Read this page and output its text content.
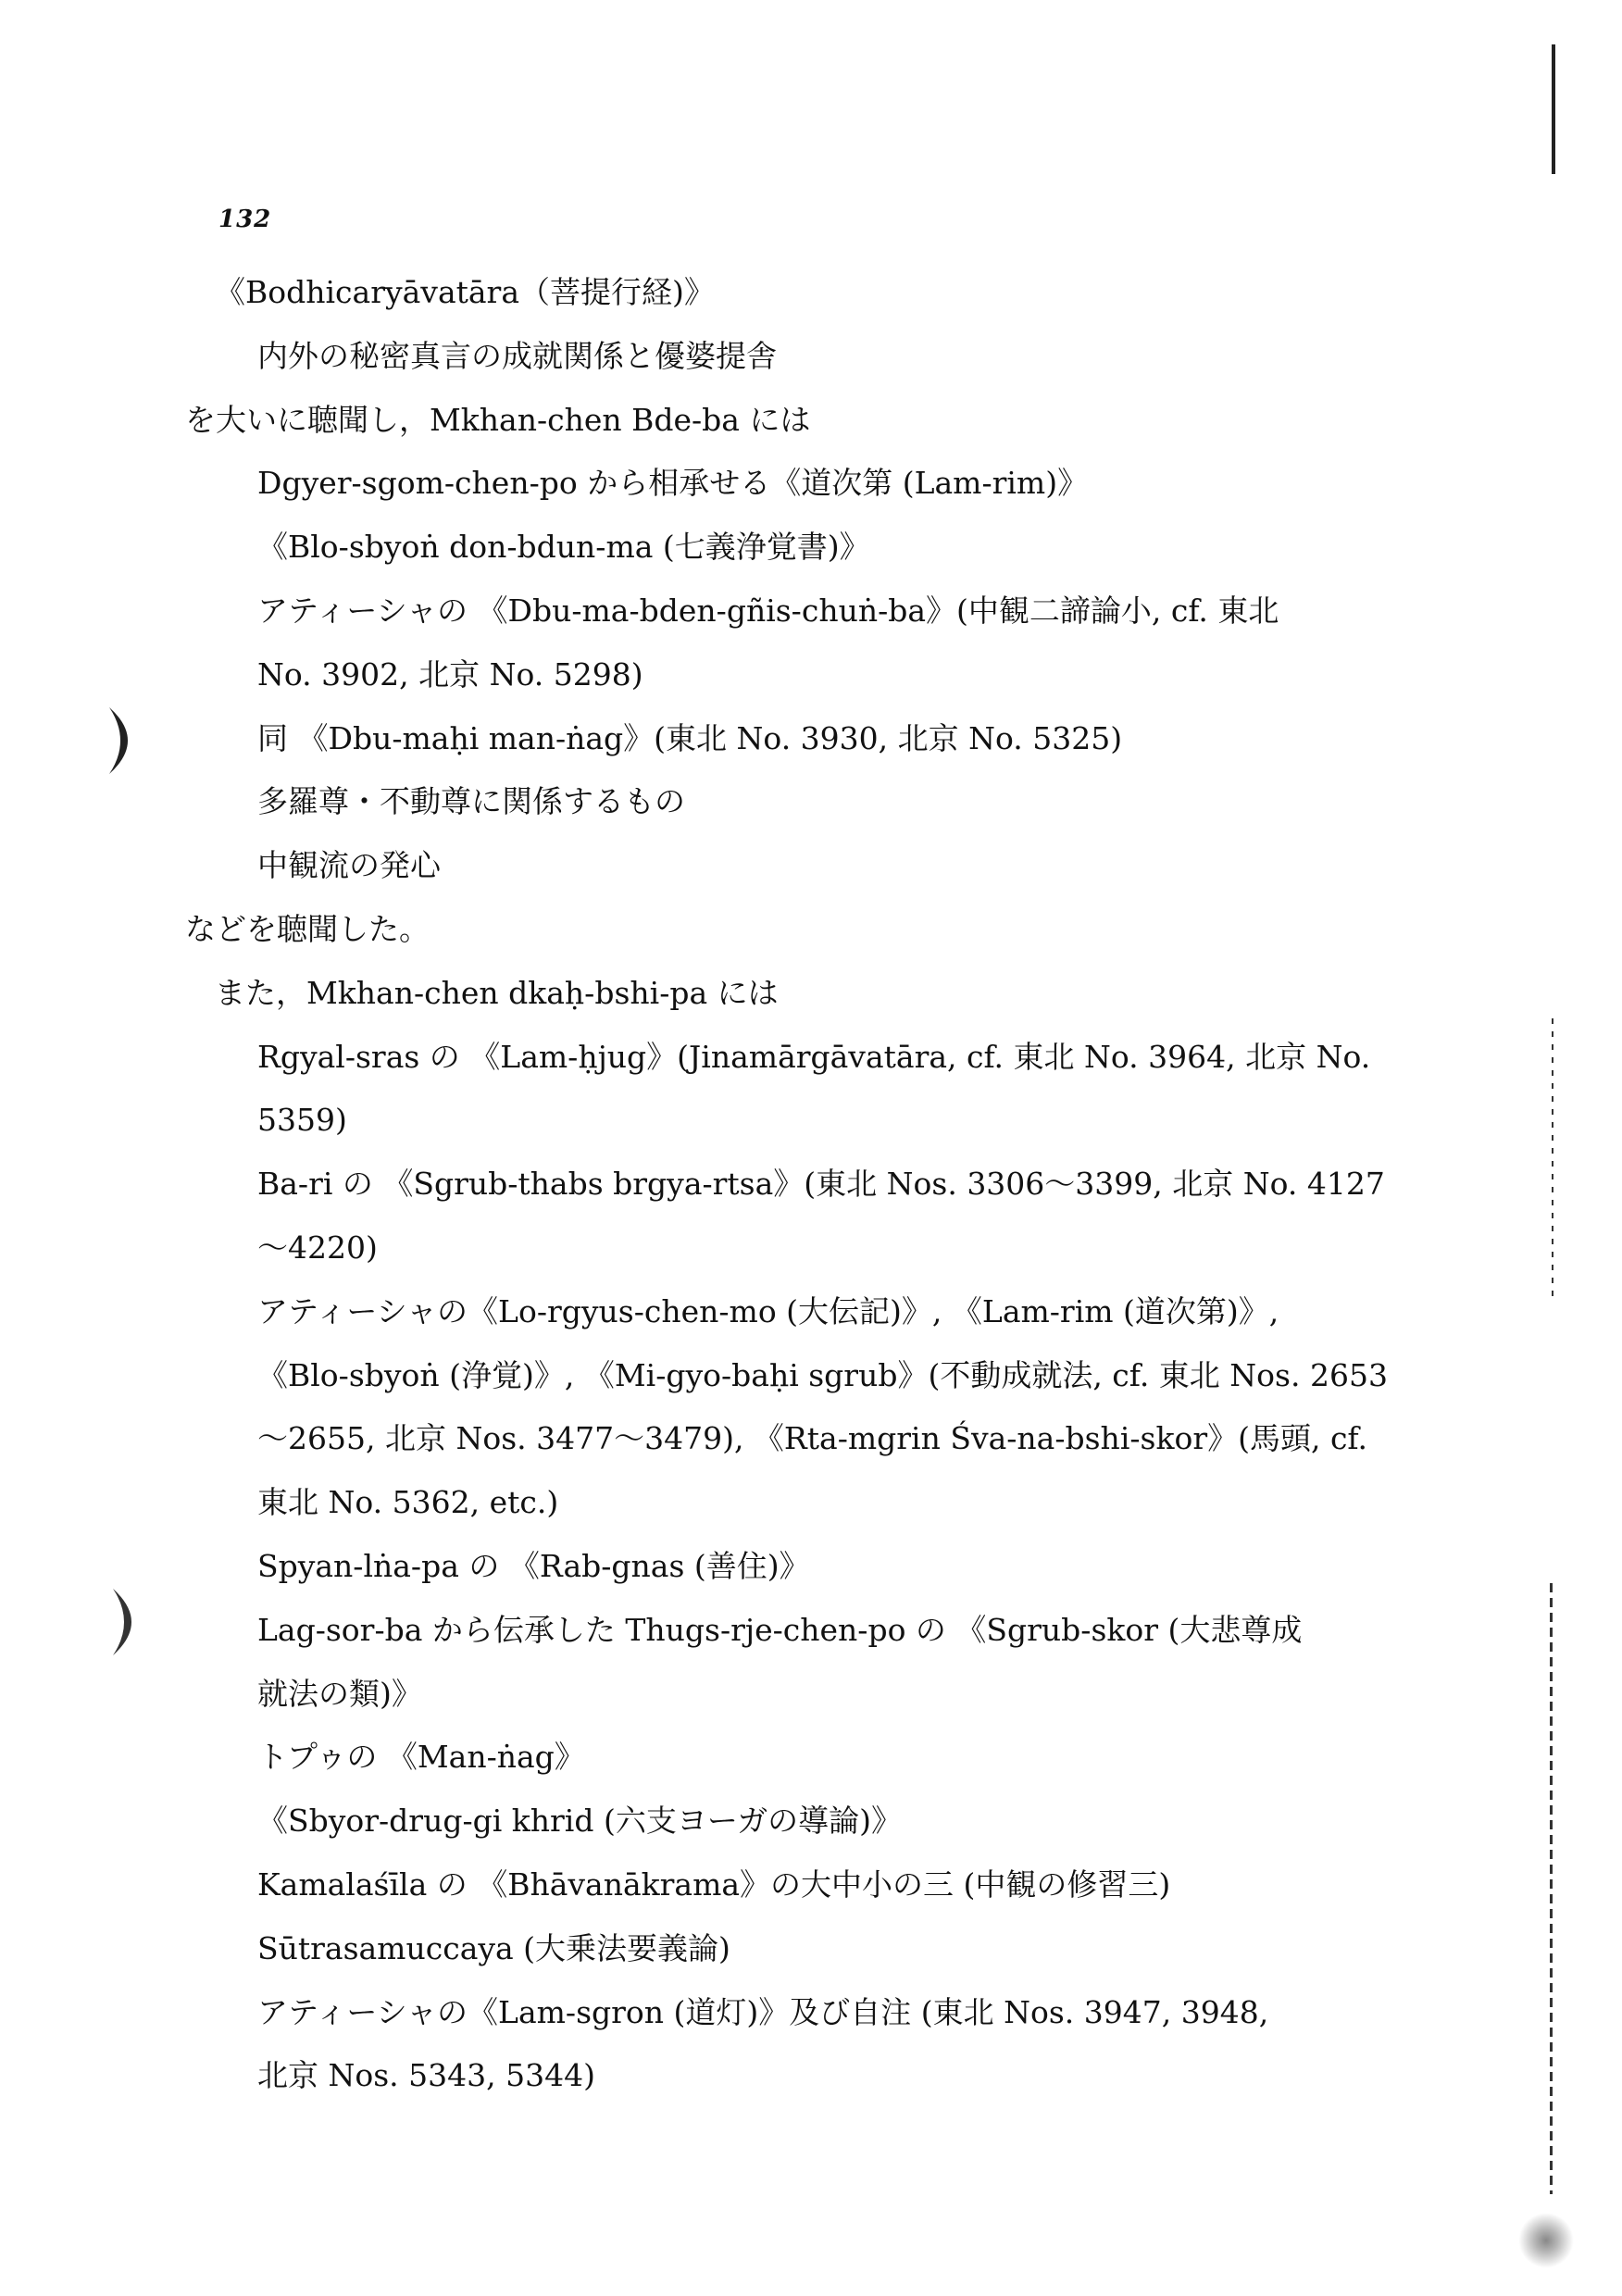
132
《Bodhicaryāvatāra（菩提行経)》
内外の秘密真言の成就関係と優婆提舎
を大いに聴聞し，Mkhan-chen Bde-ba には
Dgyer-sgom-chen-po から相承せる《道次第 (Lam-rim)》
《Blo-sbyoṅ don-bdun-ma (七義浄覚書)》
アティーシャの 《Dbu-ma-bden-gñis-chuṅ-ba》(中観二諦論小, cf. 東北
No. 3902, 北京 No. 5298)
同 《Dbu-maḥi man-ṅag》(東北 No. 3930, 北京 No. 5325)
多羅尊・不動尊に関係するもの
中観流の発心
などを聴聞した。
また，Mkhan-chen dkaḥ-bshi-pa には
Rgyal-sras の 《Lam-ḥjug》(Jinamārgāvatāra, cf. 東北 No. 3964, 北京 No.
5359)
Ba-ri の 《Sgrub-thabs brgya-rtsa》(東北 Nos. 3306～3399, 北京 No. 4127
～4220)
アティーシャの《Lo-rgyus-chen-mo (大伝記)》, 《Lam-rim (道次第)》,
《Blo-sbyoṅ (浄覚)》, 《Mi-gyo-baḥi sgrub》(不動成就法, cf. 東北 Nos. 2653
～2655, 北京 Nos. 3477～3479), 《Rta-mgrin Śva-na-bshi-skor》(馬頭, cf.
東北 No. 5362, etc.)
Spyan-lṅa-pa の 《Rab-gnas (善住)》
Lag-sor-ba から伝承した Thugs-rje-chen-po の 《Sgrub-skor (大悲尊成
就法の類)》
トプゥの 《Man-ṅag》
《Sbyor-drug-gi khrid (六支ヨーガの導論)》
Kamalaśīla の 《Bhāvanākrama》の大中小の三 (中観の修習三)
Sūtrasamuccaya (大乗法要義論)
アティーシャの《Lam-sgron (道灯)》及び自注 (東北 Nos. 3947, 3948,
北京 Nos. 5343, 5344)
